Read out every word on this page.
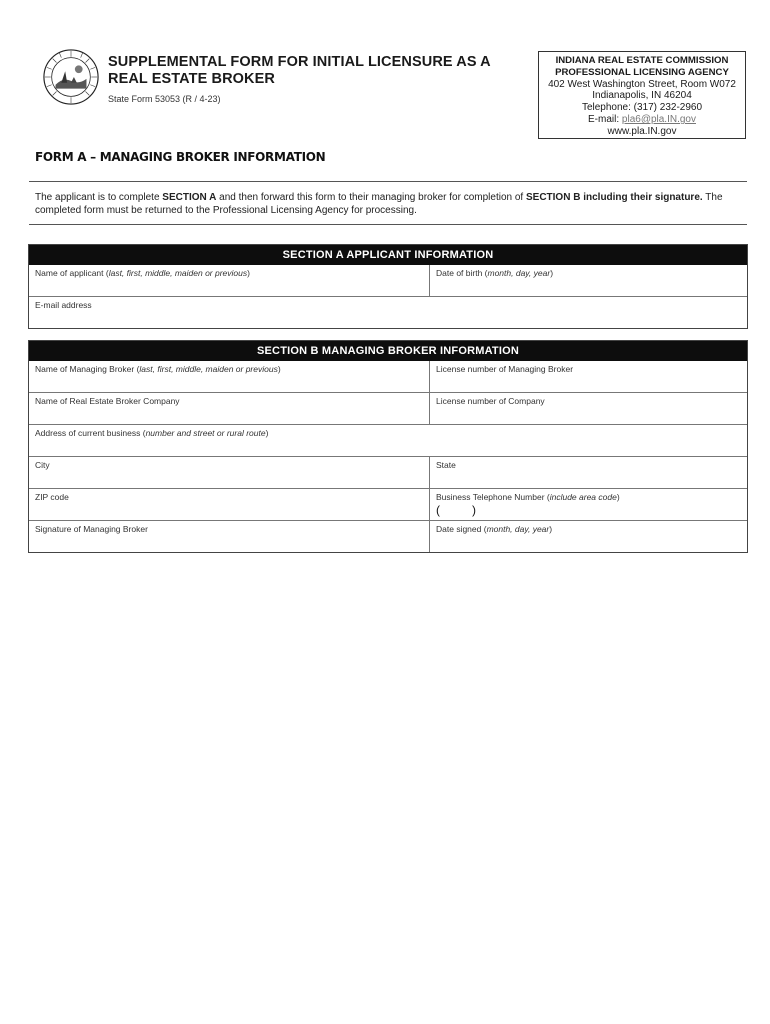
SUPPLEMENTAL FORM FOR INITIAL LICENSURE AS A REAL ESTATE BROKER
State Form 53053 (R / 4-23)
INDIANA REAL ESTATE COMMISSION
PROFESSIONAL LICENSING AGENCY
402 West Washington Street, Room W072
Indianapolis, IN 46204
Telephone: (317) 232-2960
E-mail: pla6@pla.IN.gov
www.pla.IN.gov
FORM A – MANAGING BROKER INFORMATION
The applicant is to complete SECTION A and then forward this form to their managing broker for completion of SECTION B including their signature. The completed form must be returned to the Professional Licensing Agency for processing.
SECTION A APPLICANT INFORMATION
Name of applicant (last, first, middle, maiden or previous)	Date of birth (month, day, year)
E-mail address
SECTION B MANAGING BROKER INFORMATION
Name of Managing Broker (last, first, middle, maiden or previous)	License number of Managing Broker
Name of Real Estate Broker Company	License number of Company
Address of current business (number and street or rural route)
City	State
ZIP code	Business Telephone Number (include area code)
(	)
Signature of Managing Broker	Date signed (month, day, year)
